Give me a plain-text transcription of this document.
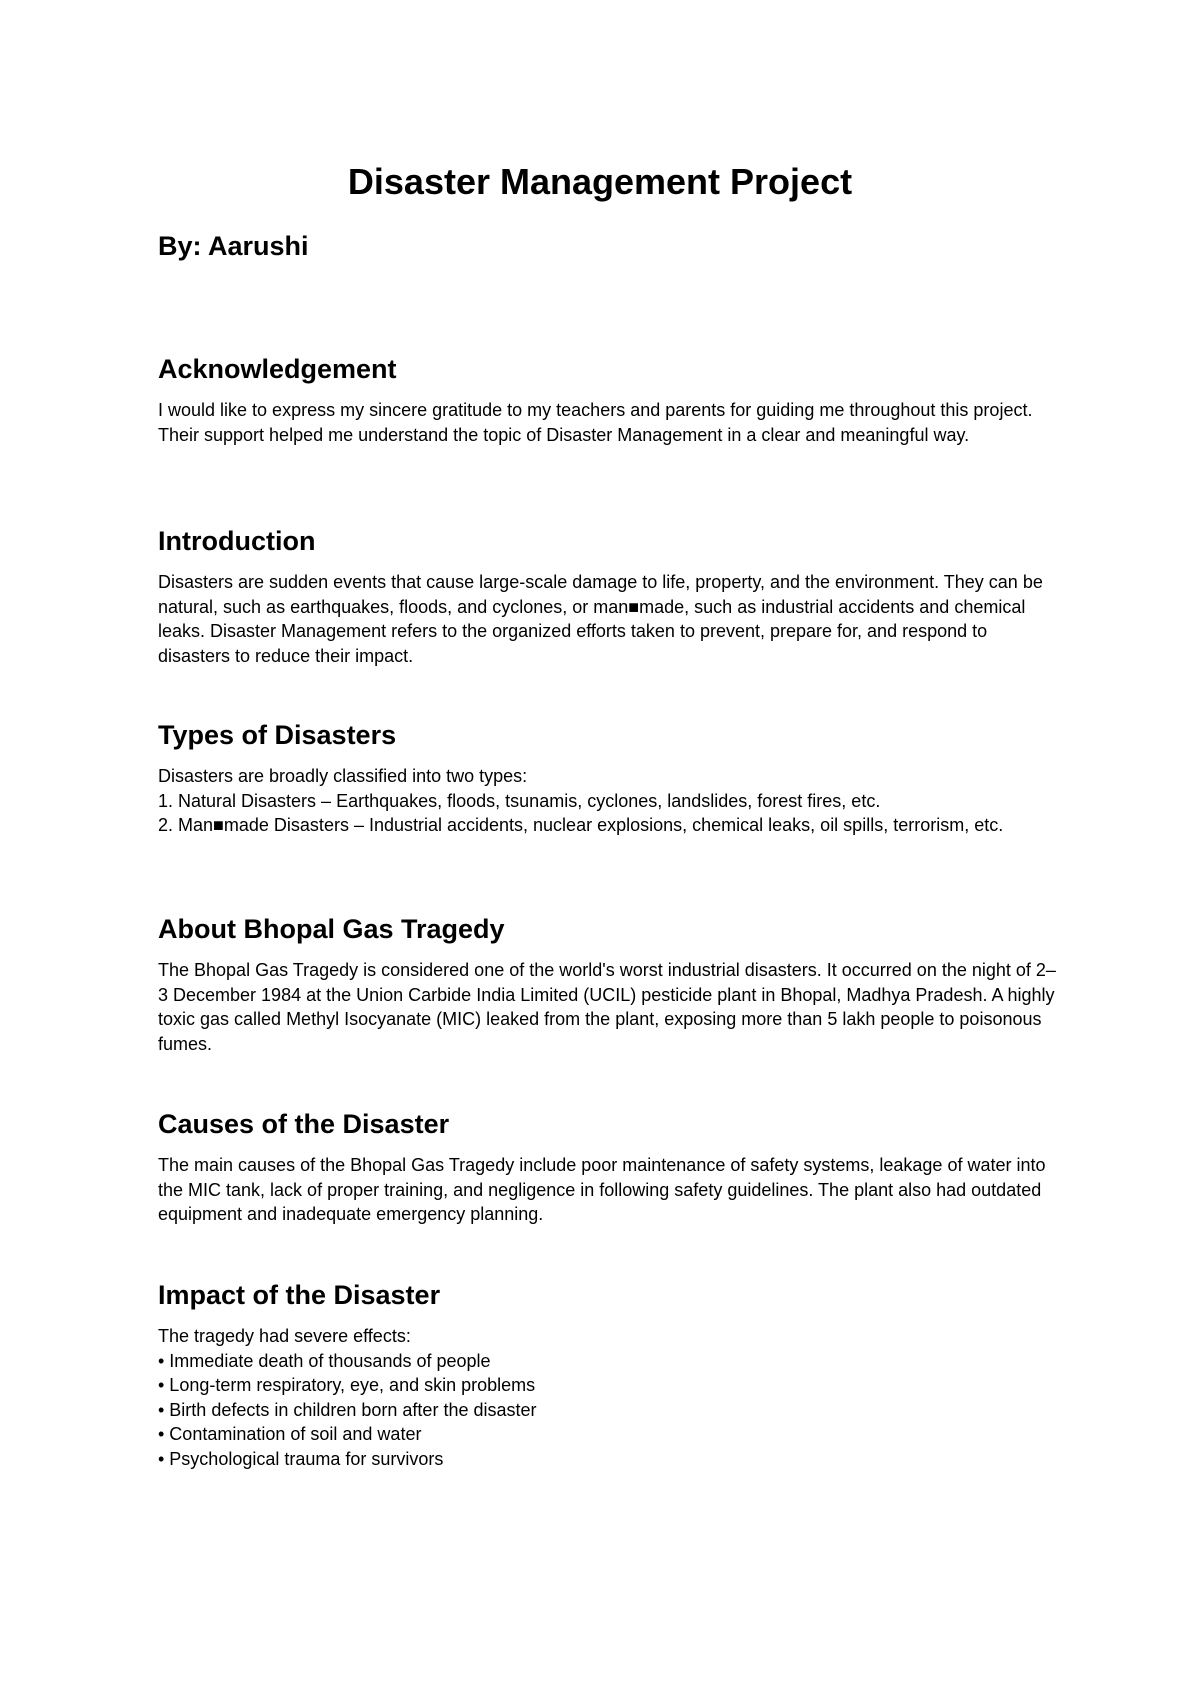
Disaster Management Project
By: Aarushi
Acknowledgement

I would like to express my sincere gratitude to my teachers and parents for guiding me throughout this project. Their support helped me understand the topic of Disaster Management in a clear and meaningful way.

Introduction

Disasters are sudden events that cause large-scale damage to life, property, and the environment. They can be natural, such as earthquakes, floods, and cyclones, or man■made, such as industrial accidents and chemical leaks. Disaster Management refers to the organized efforts taken to prevent, prepare for, and respond to disasters to reduce their impact.

Types of Disasters
Disasters are broadly classified into two types:
1. Natural Disasters – Earthquakes, floods, tsunamis, cyclones, landslides, forest fires, etc.
2. Man■made Disasters – Industrial accidents, nuclear explosions, chemical leaks, oil spills, terrorism, etc.
About Bhopal Gas Tragedy

The Bhopal Gas Tragedy is considered one of the world's worst industrial disasters. It occurred on the night of 2–3 December 1984 at the Union Carbide India Limited (UCIL) pesticide plant in Bhopal, Madhya Pradesh. A highly toxic gas called Methyl Isocyanate (MIC) leaked from the plant, exposing more than 5 lakh people to poisonous fumes.

Causes of the Disaster

The main causes of the Bhopal Gas Tragedy include poor maintenance of safety systems, leakage of water into the MIC tank, lack of proper training, and negligence in following safety guidelines. The plant also had outdated equipment and inadequate emergency planning.

Impact of the Disaster
The tragedy had severe effects:
• Immediate death of thousands of people
• Long-term respiratory, eye, and skin problems
• Birth defects in children born after the disaster
• Contamination of soil and water
• Psychological trauma for survivors
